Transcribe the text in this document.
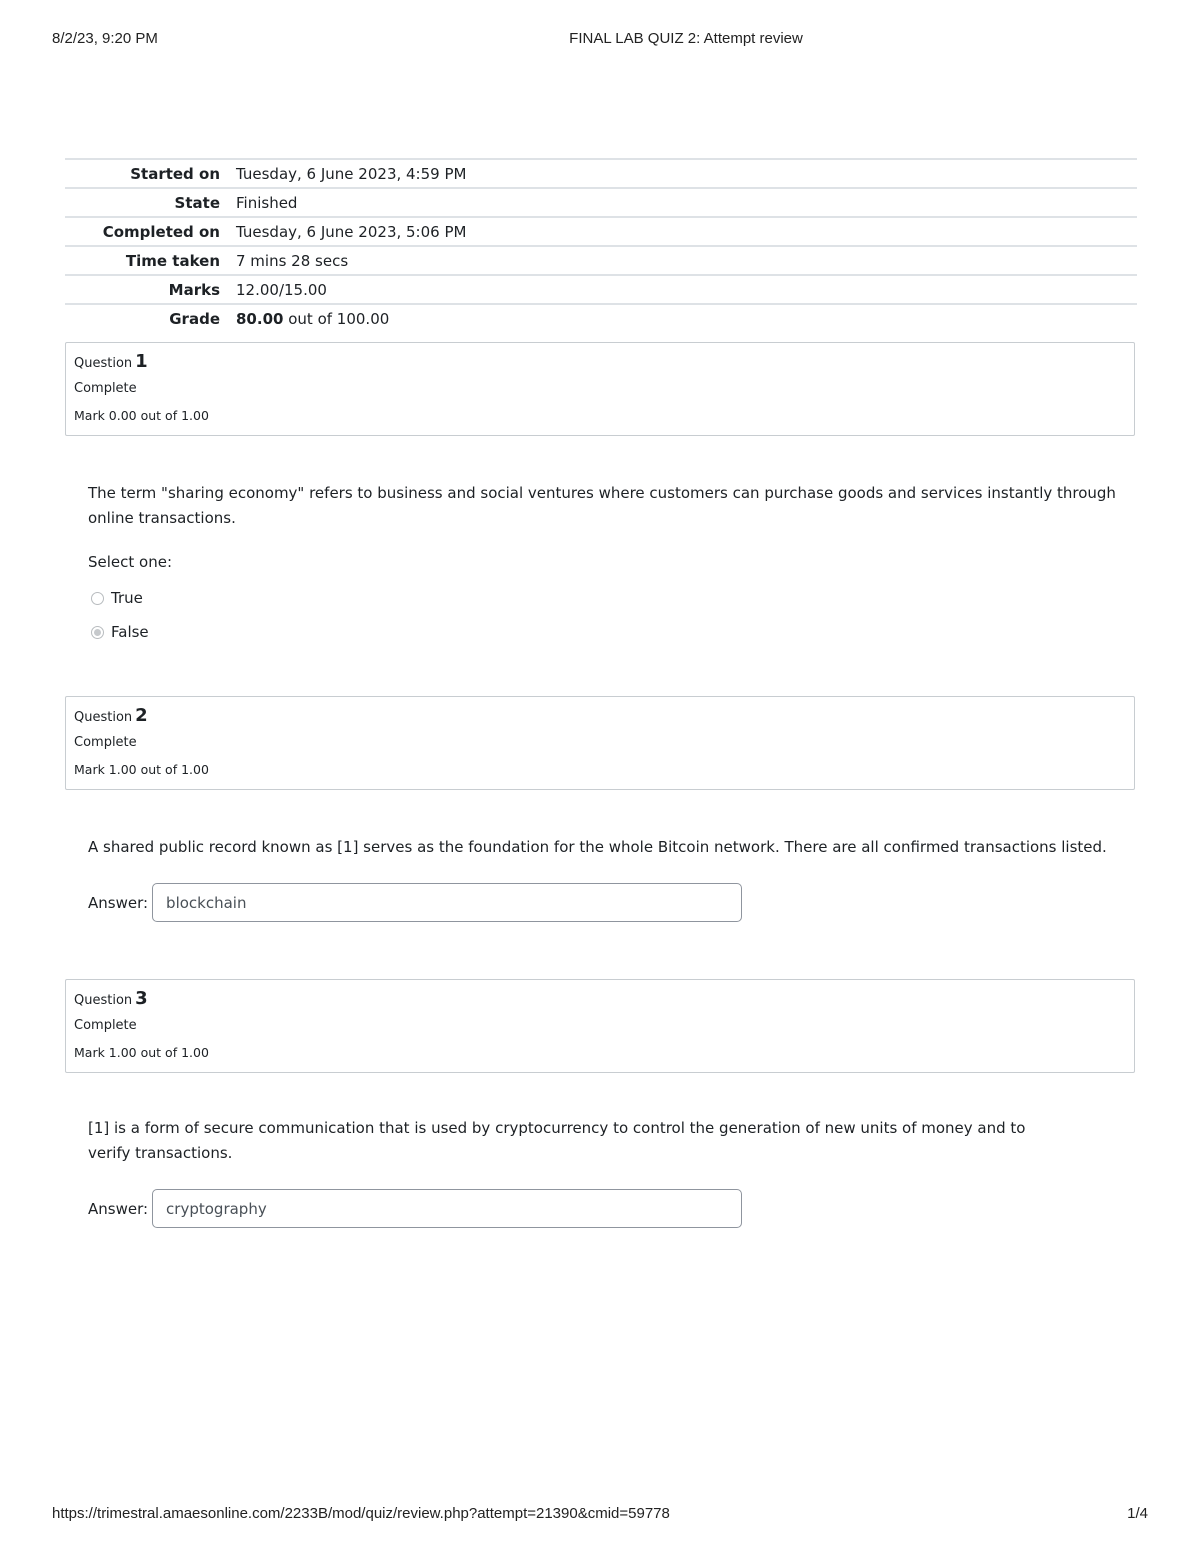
8/2/23, 9:20 PM	FINAL LAB QUIZ 2: Attempt review
Started on	Tuesday, 6 June 2023, 4:59 PM
State	Finished
Completed on	Tuesday, 6 June 2023, 5:06 PM
Time taken	7 mins 28 secs
Marks	12.00/15.00
Grade	80.00 out of 100.00
Question 1
Complete
Mark 0.00 out of 1.00
The term "sharing economy" refers to business and social ventures where customers can purchase goods and services instantly through online transactions.
Select one:
True
False
Question 2
Complete
Mark 1.00 out of 1.00
A shared public record known as [1] serves as the foundation for the whole Bitcoin network. There are all confirmed transactions listed.
Answer:	blockchain
Question 3
Complete
Mark 1.00 out of 1.00
[1] is a form of secure communication that is used by cryptocurrency to control the generation of new units of money and to verify transactions.
Answer:	cryptography
https://trimestral.amaesonline.com/2233B/mod/quiz/review.php?attempt=21390&cmid=59778	1/4
